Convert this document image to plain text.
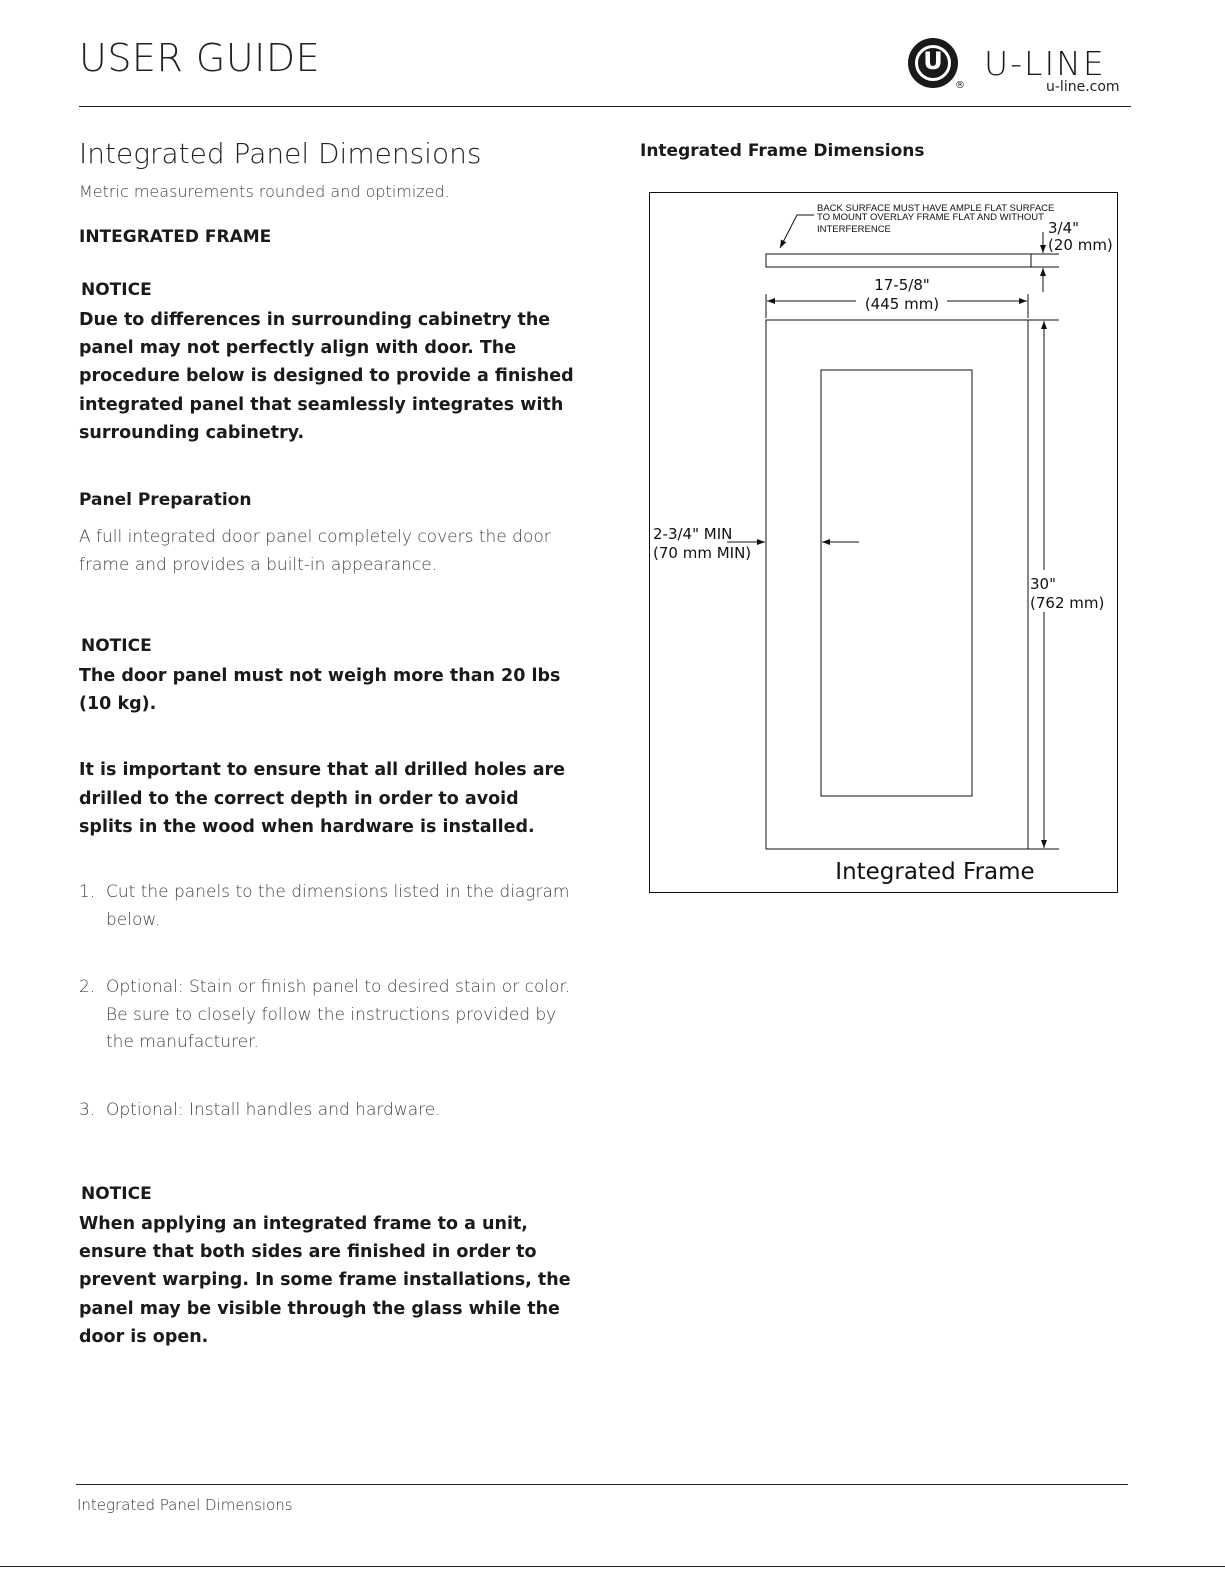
USER GUIDE	U
®
U-LINE
u-line.com
Integrated Panel Dimensions

Metric measurements rounded and optimized.

INTEGRATED FRAME

NOTICE

Due to differences in surrounding cabinetry the panel may not perfectly align with door. The procedure below is designed to provide a finished integrated panel that seamlessly integrates with surrounding cabinetry.

Panel Preparation

A full integrated door panel completely covers the door frame and provides a built-in appearance.

NOTICE

The door panel must not weigh more than 20 lbs (10 kg).

It is important to ensure that all drilled holes are drilled to the correct depth in order to avoid splits in the wood when hardware is installed.

1. Cut the panels to the dimensions listed in the diagram below.
2. Optional: Stain or finish panel to desired stain or color. Be sure to closely follow the instructions provided by the manufacturer.
3. Optional: Install handles and hardware.

NOTICE

When applying an integrated frame to a unit, ensure that both sides are finished in order to prevent warping. In some frame installations, the panel may be visible through the glass while the door is open.

Integrated Frame Dimensions
BACK SURFACE MUST HAVE AMPLE FLAT SURFACE
TO MOUNT OVERLAY FRAME FLAT AND WITHOUT
INTERFERENCE	3/4"
(20 mm)
17-5/8"
(445 mm)
30"
(762 mm)
2-3/4" MIN
(70 mm MIN)
Integrated Frame
Integrated Panel Dimensions
